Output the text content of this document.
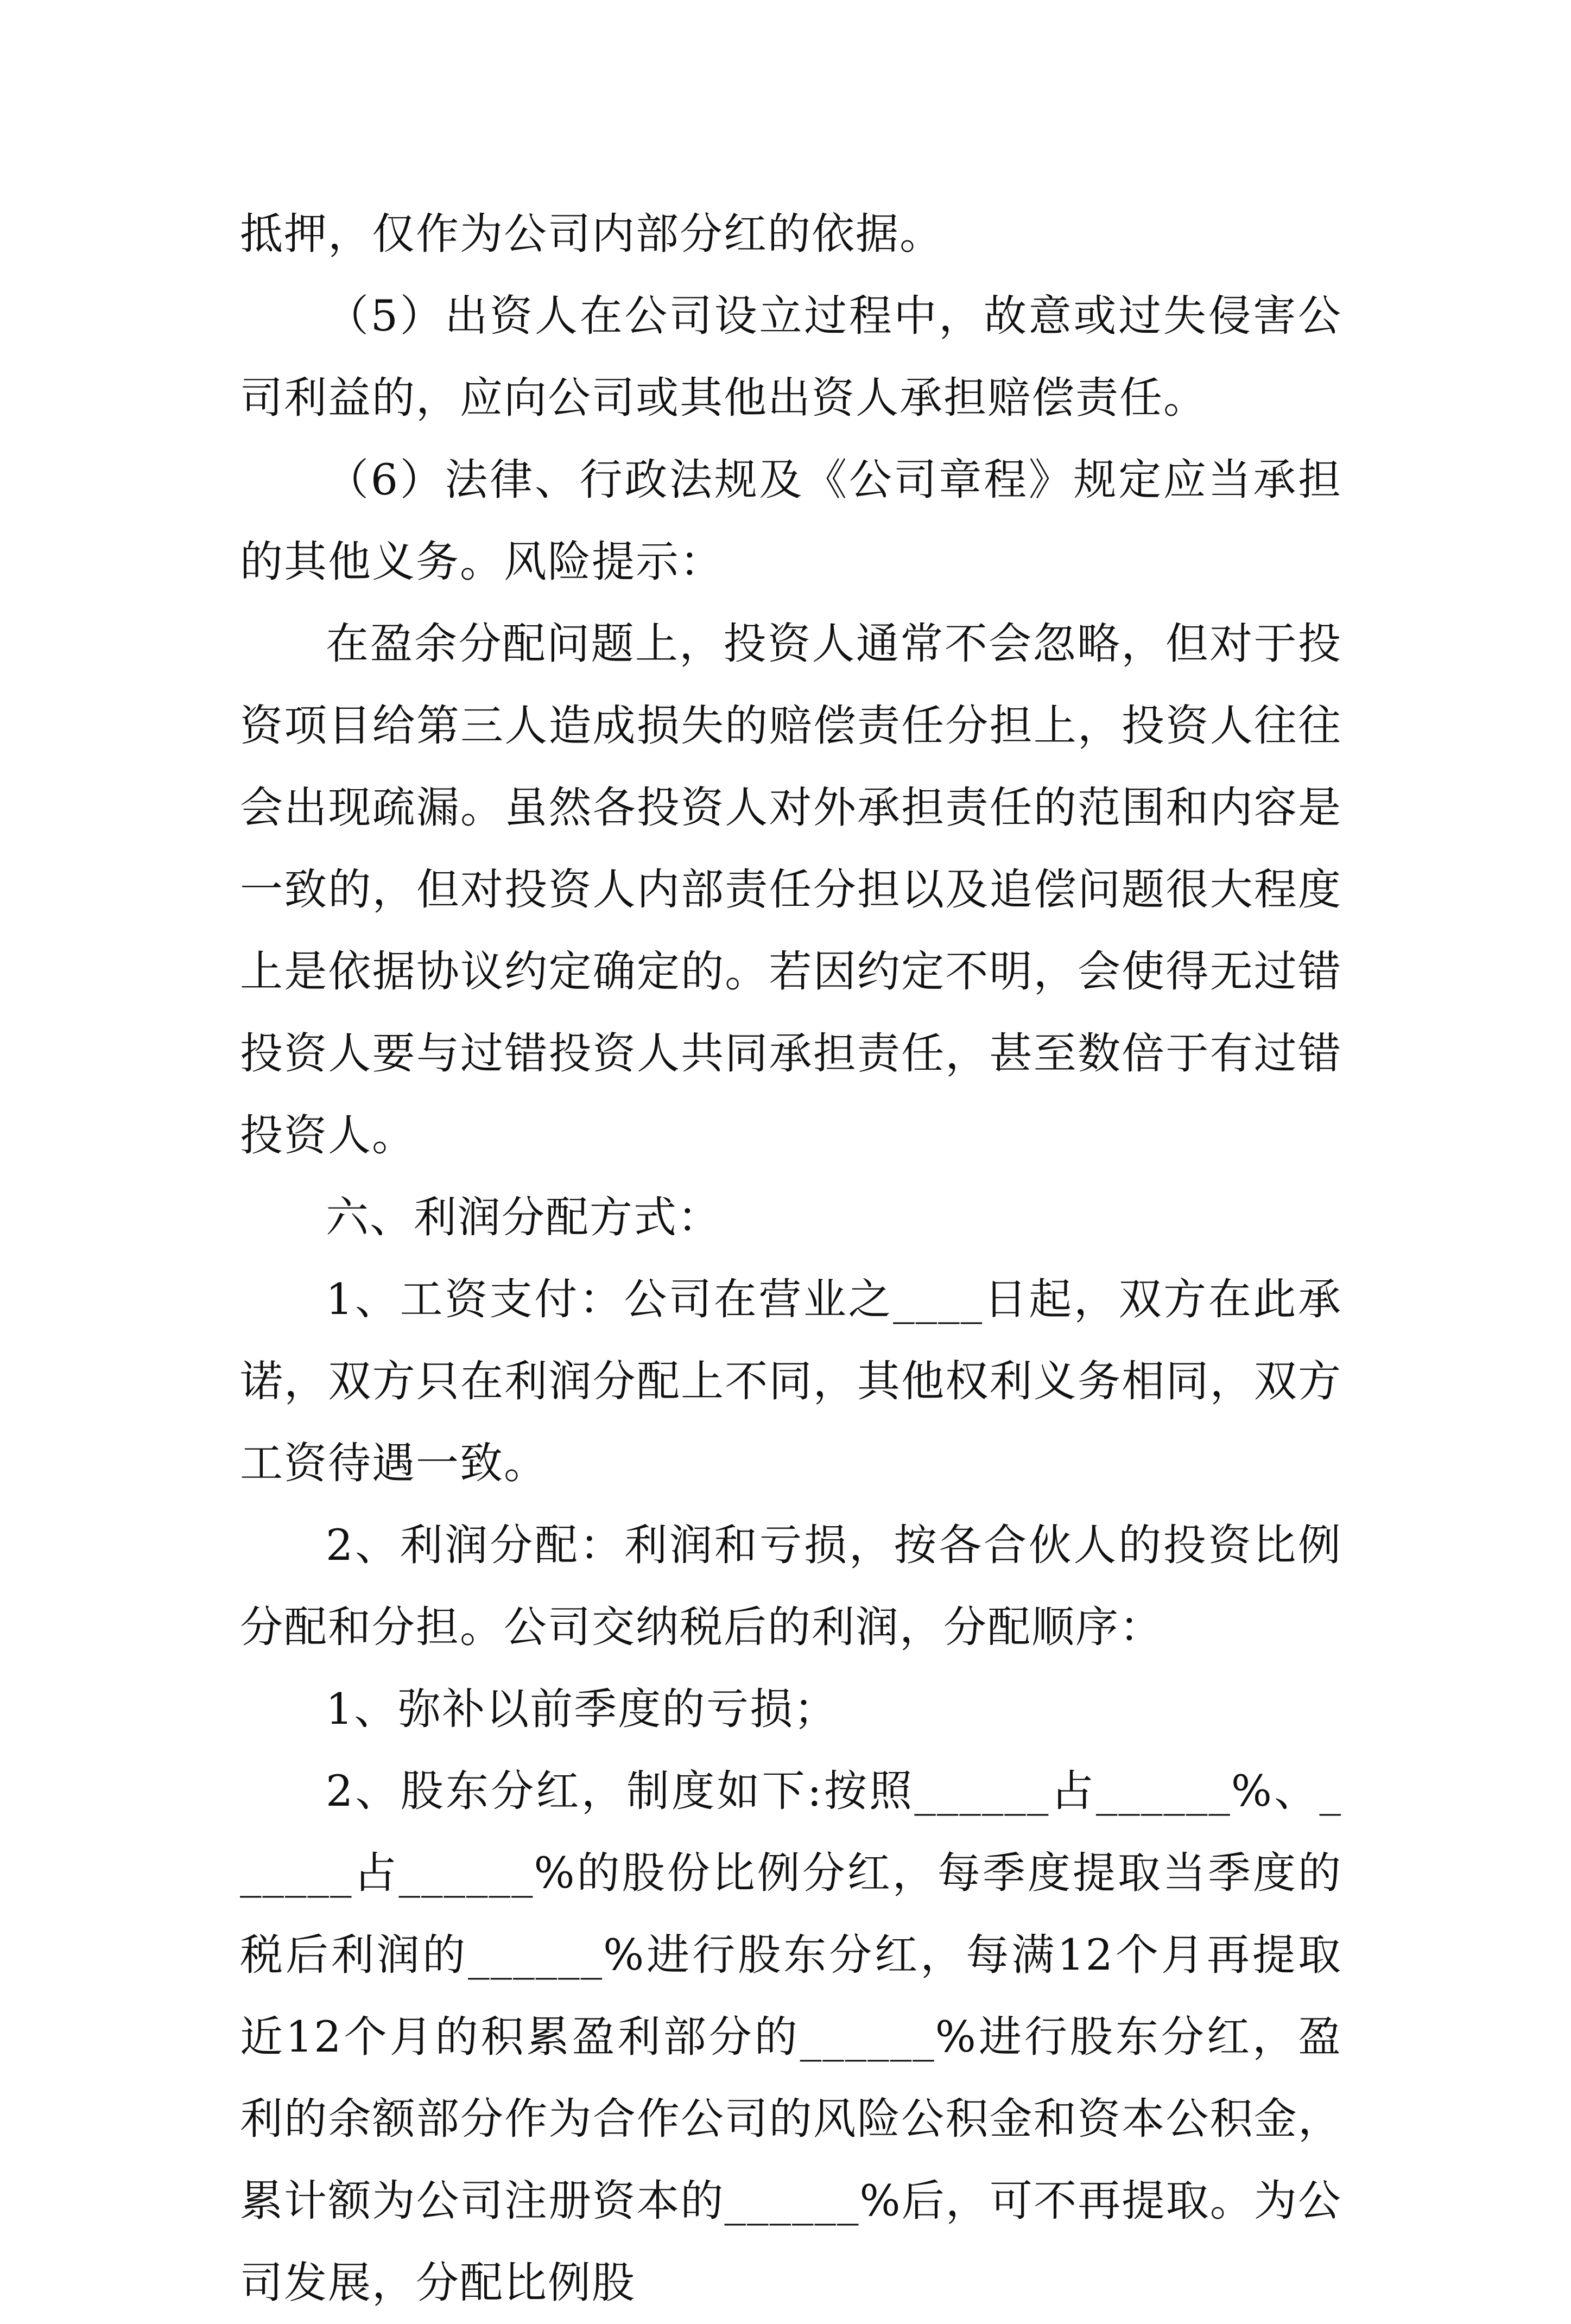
抵押，仅作为公司内部分红的依据。

（5）出资人在公司设立过程中，故意或过失侵害公司利益的，应向公司或其他出资人承担赔偿责任。

（6）法律、行政法规及《公司章程》规定应当承担的其他义务。风险提示：

在盈余分配问题上，投资人通常不会忽略，但对于投资项目给第三人造成损失的赔偿责任分担上，投资人往往会出现疏漏。虽然各投资人对外承担责任的范围和内容是一致的，但对投资人内部责任分担以及追偿问题很大程度上是依据协议约定确定的。若因约定不明，会使得无过错投资人要与过错投资人共同承担责任，甚至数倍于有过错投资人。

六、利润分配方式：

1、工资支付：公司在营业之____日起，双方在此承诺，双方只在利润分配上不同，其他权利义务相同，双方工资待遇一致。

2、利润分配：利润和亏损，按各合伙人的投资比例分配和分担。公司交纳税后的利润，分配顺序：

1、弥补以前季度的亏损；

2、股东分红，制度如下:按照______占______%、______占______%的股份比例分红，每季度提取当季度的税后利润的______%进行股东分红，每满12个月再提取近12个月的积累盈利部分的______%进行股东分红，盈利的余额部分作为合作公司的风险公积金和资本公积金，累计额为公司注册资本的______%后，可不再提取。为公司发展，分配比例股
